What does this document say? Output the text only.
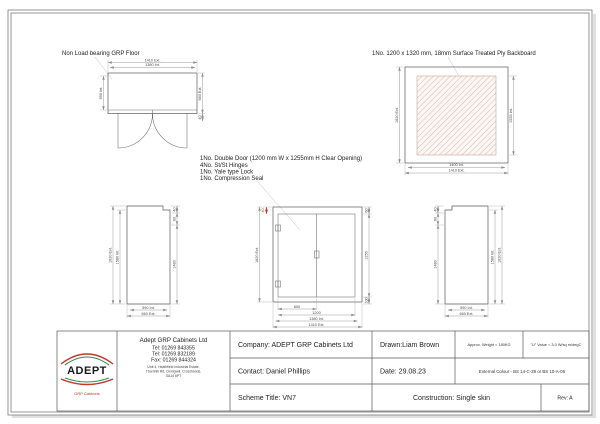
Non Load bearing GRP Floor
1410 Ext.
1380 Int.
590 Int.	660 Ext.
40
1No. 1200 x 1320 mm, 18mm Surface Treated Ply Backboard
1620 Ext.	1535 Int.
1400 Int.
1410 Ext.
1No. Double Door (1200 mm W x 1255mm H Clear Opening)
4No. St/St Hinges
1No. Yale type Lock
1No. Compression Seal
1620 Ext. 1580 Int.
40
60
1480
590 Int.
660 Ext.
40
1620 Ext.
60
1255
100
600
1200
1380 Int.
1410 Ext.
40
60
1480
1580 Int. 1620 Ext.
590 Int.
660 Ext.
ADEPT
GRP Cabinets
Adept GRP Cabinets Ltd
Tel: 01269 843355
Tel: 01269 832189
Fax: 01269 844324
Unit 4, Heathfield Industrial Estate,
Thornhill Rd, Cwmgwili, Crosshands,
SA14 6PT
Company: ADEPT GRP Cabinets Ltd	Drawn:Liam Brown	Approx. Weight = 180KG	"U" Value = 3.0 W/sq m/degC
Contact: Daniel Phillips	Date: 29.08.23	External Colour - BS 14-C-39 or BS 10-A-05
Scheme Title: VN7	Construction: Single skin	Rev: A
